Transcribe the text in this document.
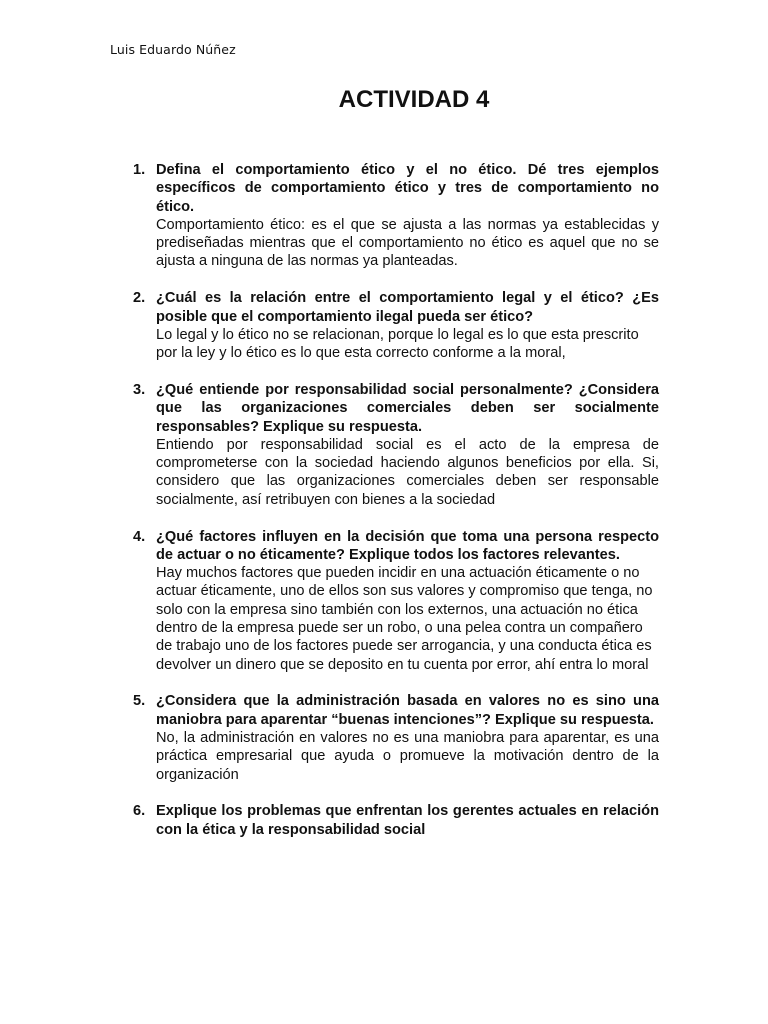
Luis Eduardo Núñez
ACTIVIDAD 4
1. Defina el comportamiento ético y el no ético. Dé tres ejemplos específicos de comportamiento ético y tres de comportamiento no ético.
Comportamiento ético: es el que se ajusta a las normas ya establecidas y prediseñadas mientras que el comportamiento no ético es aquel que no se ajusta a ninguna de las normas ya planteadas.
2. ¿Cuál es la relación entre el comportamiento legal y el ético? ¿Es posible que el comportamiento ilegal pueda ser ético?
Lo legal y lo ético no se relacionan, porque lo legal es lo que esta prescrito por la ley y lo ético es lo que esta correcto conforme a la moral,
3. ¿Qué entiende por responsabilidad social personalmente? ¿Considera que las organizaciones comerciales deben ser socialmente responsables? Explique su respuesta.
Entiendo por responsabilidad social es el acto de la empresa de comprometerse con la sociedad haciendo algunos beneficios por ella. Si, considero que las organizaciones comerciales deben ser responsable socialmente, así retribuyen con bienes a la sociedad
4. ¿Qué factores influyen en la decisión que toma una persona respecto de actuar o no éticamente? Explique todos los factores relevantes.
Hay muchos factores que pueden incidir en una actuación éticamente o no actuar éticamente, uno de ellos son sus valores y compromiso que tenga, no solo con la empresa sino también con los externos, una actuación no ética dentro de la empresa puede ser un robo, o una pelea contra un compañero de trabajo uno de los factores puede ser arrogancia, y una conducta ética es devolver un dinero que se deposito en tu cuenta por error, ahí entra lo moral
5. ¿Considera que la administración basada en valores no es sino una maniobra para aparentar “buenas intenciones”? Explique su respuesta.
No, la administración en valores no es una maniobra para aparentar, es una práctica empresarial que ayuda o promueve la motivación dentro de la organización
6. Explique los problemas que enfrentan los gerentes actuales en relación con la ética y la responsabilidad social
